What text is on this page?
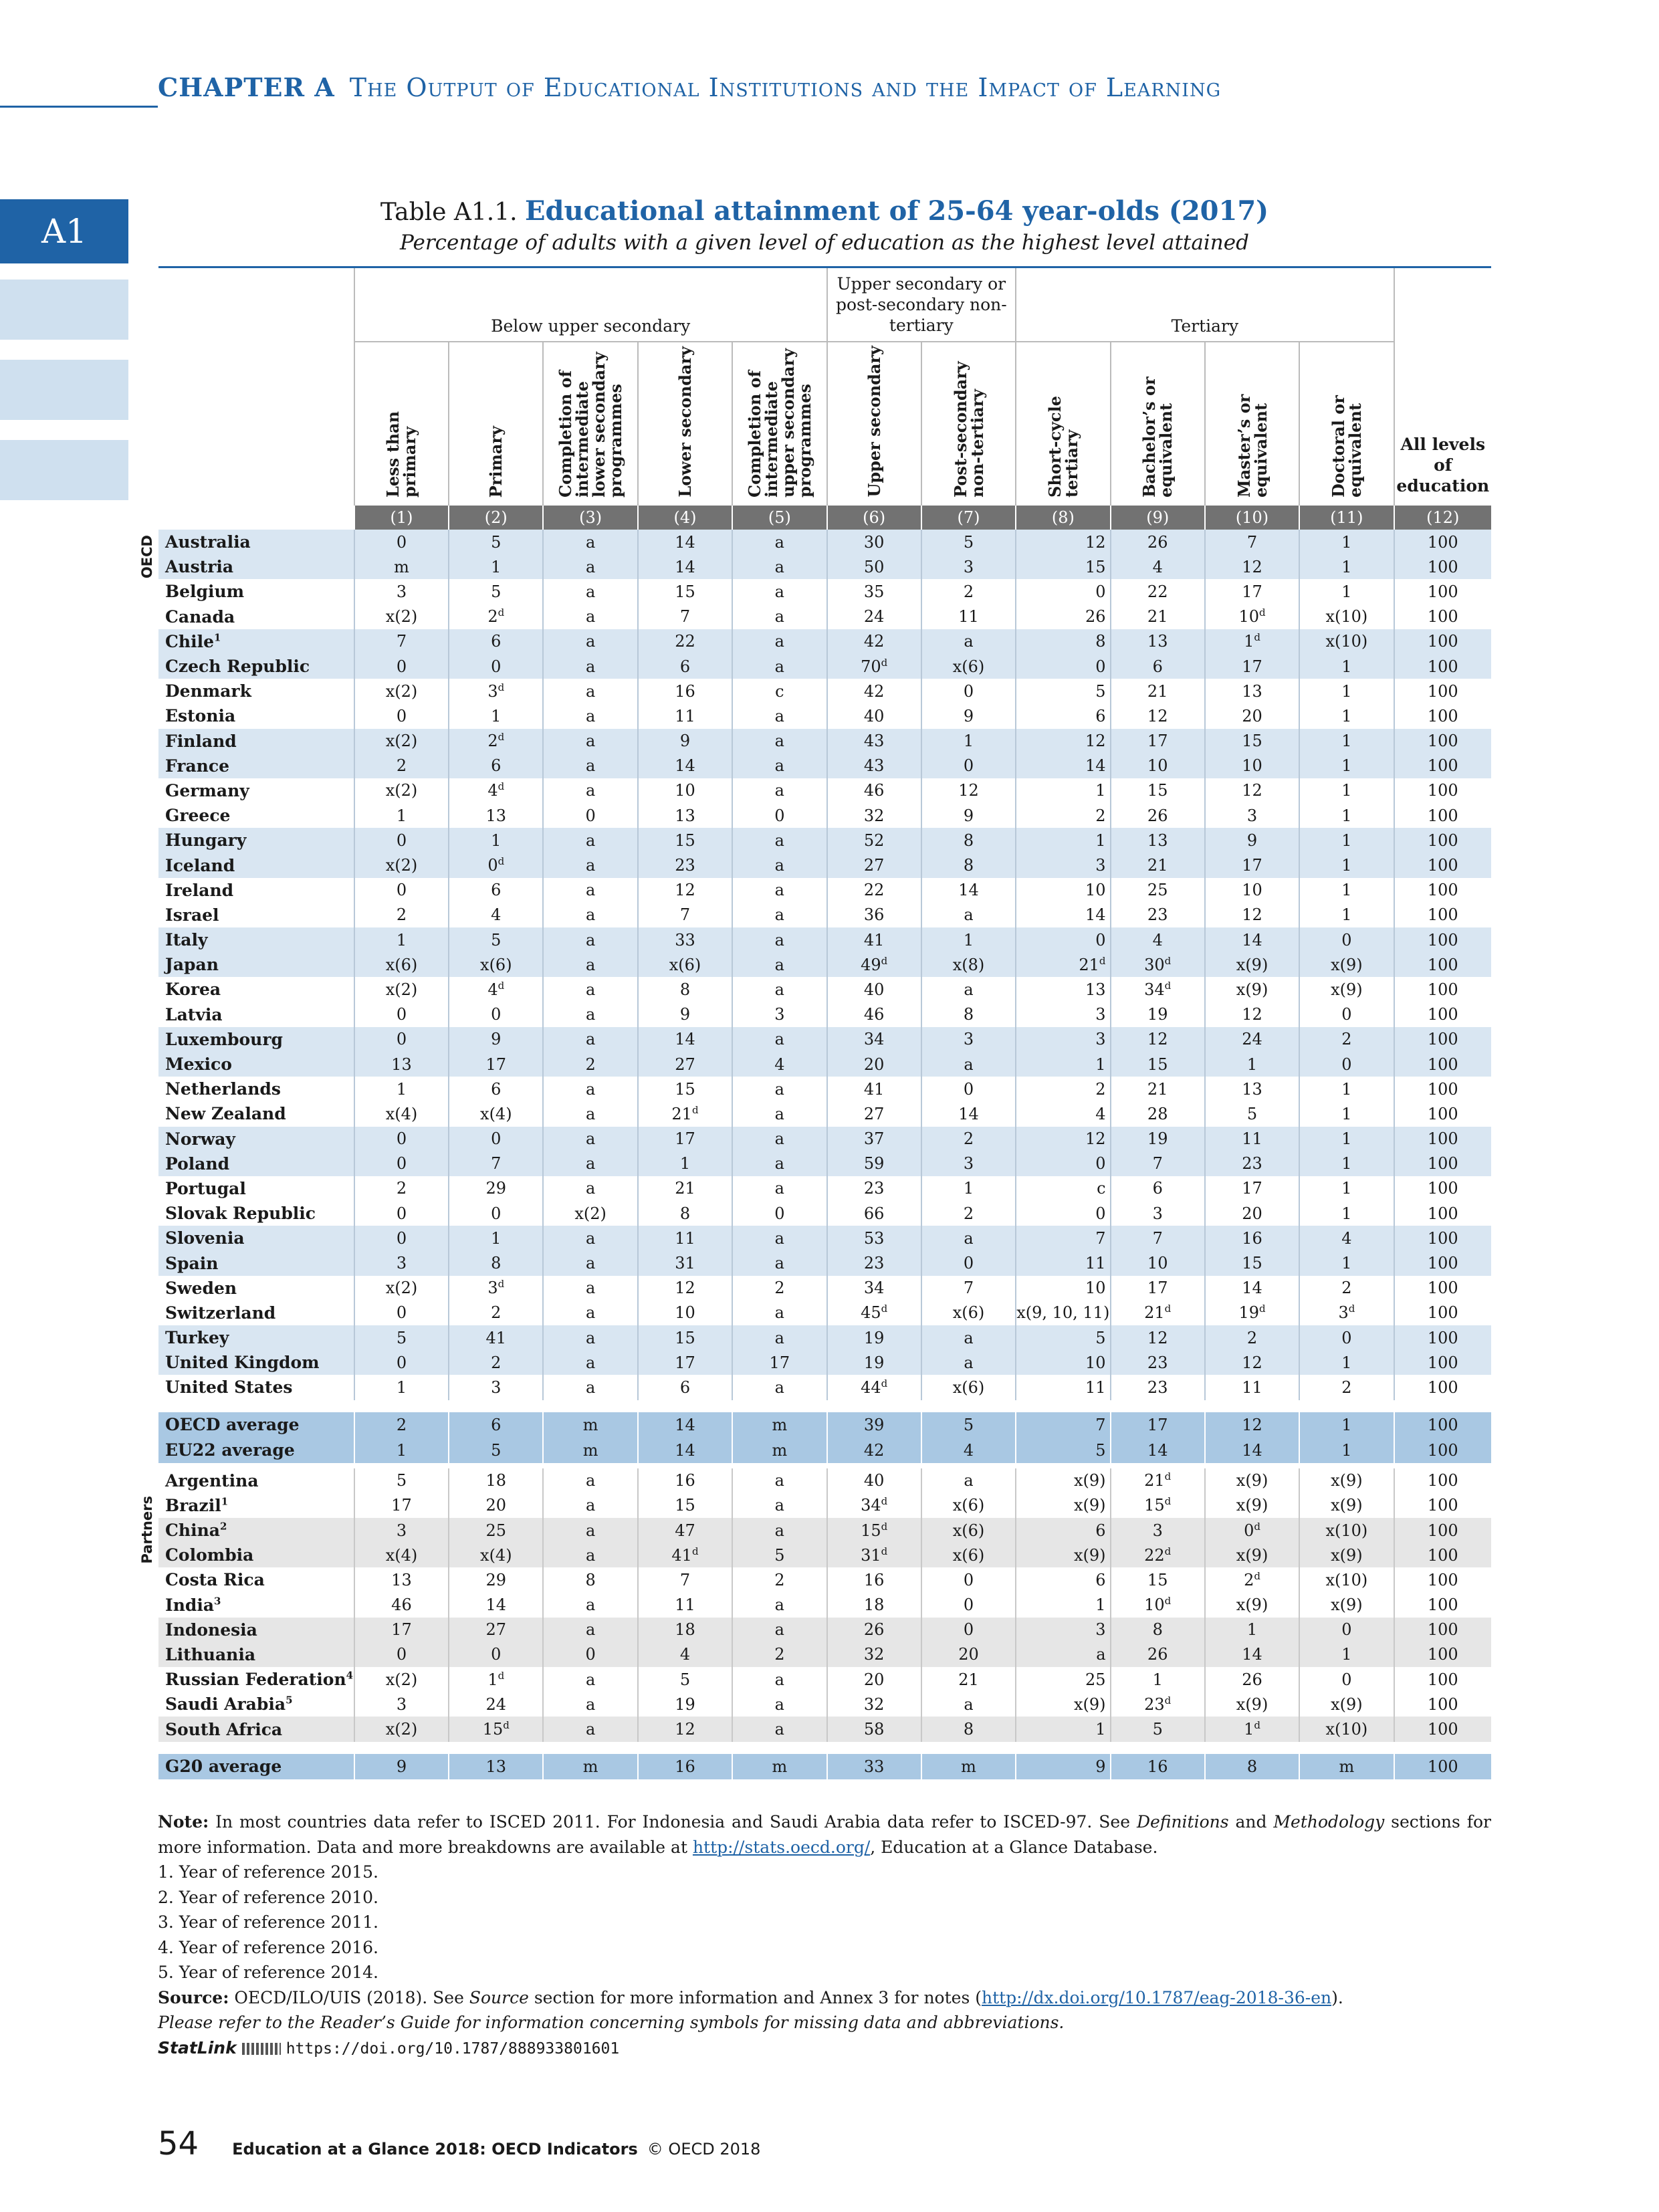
CHAPTER A The Output of Educational Institutions and the Impact of Learning
A1	Table A1.1. Educational attainment of 25-64 year-olds (2017)
Percentage of adults with a given level of education as the highest level attained
OECD
Partners

	Below upper secondary					Upper secondary or post-secondary non-tertiary		Tertiary				All levels of education

	Less than primary	Primary	Completion of intermediate lower secondary programmes	Lower secondary	Completion of intermediate upper secondary programmes	Upper secondary	Post-secondary non-tertiary	Short-cycle tertiary	Bachelor’s or equivalent	Master’s or equivalent	Doctoral or equivalent	
	(1)	(2)	(3)	(4)	(5)	(6)	(7)	(8)	(9)	(10)	(11)	(12)
Australia	0	5	a	14	a	30	5	12	26	7	1	100
Austria	m	1	a	14	a	50	3	15	4	12	1	100
Belgium	3	5	a	15	a	35	2	0	22	17	1	100
Canada	x(2)	2$^d$	a	7	a	24	11	26	21	10$^d$	x(10)	100
Chile$^1$	7	6	a	22	a	42	a	8	13	1$^d$	x(10)	100
Czech Republic	0	0	a	6	a	70$^d$	x(6)	0	6	17	1	100
Denmark	x(2)	3$^d$	a	16	c	42	0	5	21	13	1	100
Estonia	0	1	a	11	a	40	9	6	12	20	1	100
Finland	x(2)	2$^d$	a	9	a	43	1	12	17	15	1	100
France	2	6	a	14	a	43	0	14	10	10	1	100
Germany	x(2)	4$^d$	a	10	a	46	12	1	15	12	1	100
Greece	1	13	0	13	0	32	9	2	26	3	1	100
Hungary	0	1	a	15	a	52	8	1	13	9	1	100
Iceland	x(2)	0$^d$	a	23	a	27	8	3	21	17	1	100
Ireland	0	6	a	12	a	22	14	10	25	10	1	100
Israel	2	4	a	7	a	36	a	14	23	12	1	100
Italy	1	5	a	33	a	41	1	0	4	14	0	100
Japan	x(6)	x(6)	a	x(6)	a	49$^d$	x(8)	21$^d$	30$^d$	x(9)	x(9)	100
Korea	x(2)	4$^d$	a	8	a	40	a	13	34$^d$	x(9)	x(9)	100
Latvia	0	0	a	9	3	46	8	3	19	12	0	100
Luxembourg	0	9	a	14	a	34	3	3	12	24	2	100
Mexico	13	17	2	27	4	20	a	1	15	1	0	100
Netherlands	1	6	a	15	a	41	0	2	21	13	1	100
New Zealand	x(4)	x(4)	a	21$^d$	a	27	14	4	28	5	1	100
Norway	0	0	a	17	a	37	2	12	19	11	1	100
Poland	0	7	a	1	a	59	3	0	7	23	1	100
Portugal	2	29	a	21	a	23	1	c	6	17	1	100
Slovak Republic	0	0	x(2)	8	0	66	2	0	3	20	1	100
Slovenia	0	1	a	11	a	53	a	7	7	16	4	100
Spain	3	8	a	31	a	23	0	11	10	15	1	100
Sweden	x(2)	3$^d$	a	12	2	34	7	10	17	14	2	100
Switzerland	0	2	a	10	a	45$^d$	x(6)	x(9, 10, 11)	21$^d$	19$^d$	3$^d$	100
Turkey	5	41	a	15	a	19	a	5	12	2	0	100
United Kingdom	0	2	a	17	17	19	a	10	23	12	1	100
United States	1	3	a	6	a	44$^d$	x(6)	11	23	11	2	100

OECD average	2	6	m	14	m	39	5	7	17	12	1	100
EU22 average	1	5	m	14	m	42	4	5	14	14	1	100

Argentina	5	18	a	16	a	40	a	x(9)	21$^d$	x(9)	x(9)	100
Brazil$^1$	17	20	a	15	a	34$^d$	x(6)	x(9)	15$^d$	x(9)	x(9)	100
China$^2$	3	25	a	47	a	15$^d$	x(6)	6	3	0$^d$	x(10)	100
Colombia	x(4)	x(4)	a	41$^d$	5	31$^d$	x(6)	x(9)	22$^d$	x(9)	x(9)	100
Costa Rica	13	29	8	7	2	16	0	6	15	2$^d$	x(10)	100
India$^3$	46	14	a	11	a	18	0	1	10$^d$	x(9)	x(9)	100
Indonesia	17	27	a	18	a	26	0	3	8	1	0	100
Lithuania	0	0	0	4	2	32	20	a	26	14	1	100
Russian Federation$^4$	x(2)	1$^d$	a	5	a	20	21	25	1	26	0	100
Saudi Arabia$^5$	3	24	a	19	a	32	a	x(9)	23$^d$	x(9)	x(9)	100
South Africa	x(2)	15$^d$	a	12	a	58	8	1	5	1$^d$	x(10)	100

G20 average	9	13	m	16	m	33	m	9	16	8	m	100

Note: In most countries data refer to ISCED 2011. For Indonesia and Saudi Arabia data refer to ISCED-97. See Definitions and Methodology sections for more information. Data and more breakdowns are available at http://stats.oecd.org/, Education at a Glance Database.

1. Year of reference 2015.

2. Year of reference 2010.

3. Year of reference 2011.

4. Year of reference 2016.

5. Year of reference 2014.

Source: OECD/ILO/UIS (2018). See Source section for more information and Annex 3 for notes (http://dx.doi.org/10.1787/eag-2018-36-en).

Please refer to the Reader’s Guide for information concerning symbols for missing data and abbreviations.

StatLink	https://doi.org/10.1787/888933801601

54 Education at a Glance 2018: OECD Indicators © OECD 2018
